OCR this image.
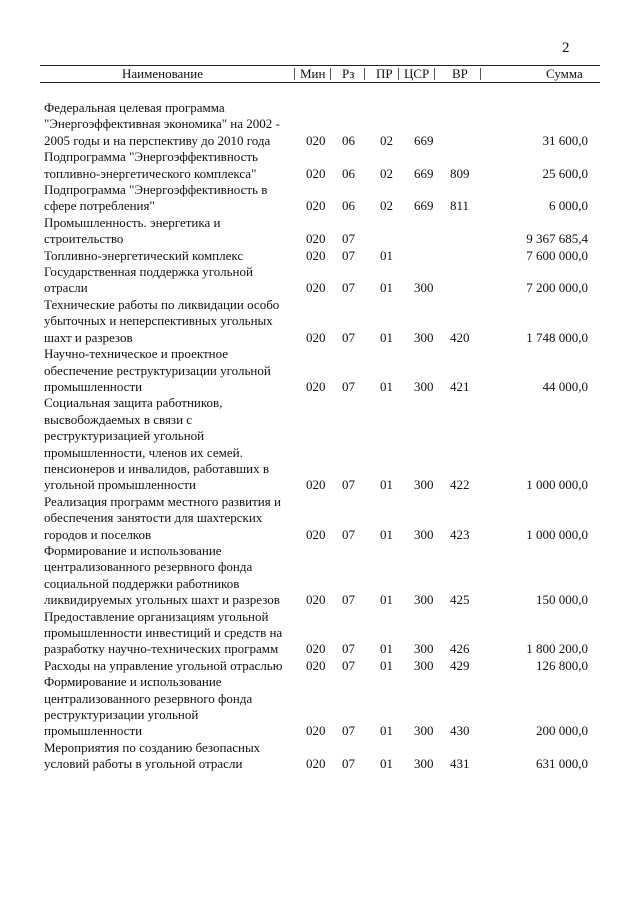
2
Наименование	Мин Рз ПР ЦСР ВР	Сумма
Федеральная целевая программа "Энергоэффективная экономика" на 2002 - 2005 годы и на перспективу до 2010 года	020 06 02 669	31 600,0
Подпрограмма "Энергоэффективность топливно-энергетического комплекса"	020 06 02 669 809	25 600,0
Подпрограмма "Энергоэффективность в сфере потребления"	020 06 02 669 811	6 000,0
Промышленность. энергетика и строительство	020 07	9 367 685,4
Топливно-энергетический комплекс	020 07 01	7 600 000,0
Государственная поддержка угольной отрасли	020 07 01 300	7 200 000,0
Технические работы по ликвидации особо убыточных и неперспективных угольных шахт и разрезов	020 07 01 300 420	1 748 000,0
Научно-техническое и проектное обеспечение реструктуризации угольной промышленности	020 07 01 300 421	44 000,0
Социальная защита работников, высвобождаемых в связи с реструктуризацией угольной промышленности, членов их семей. пенсионеров и инвалидов, работавших в угольной промышленности	020 07 01 300 422	1 000 000,0
Реализация программ местного развития и обеспечения занятости для шахтерских городов и поселков	020 07 01 300 423	1 000 000,0
Формирование и использование централизованного резервного фонда социальной поддержки работников ликвидируемых угольных шахт и разрезов	020 07 01 300 425	150 000,0
Предоставление организациям угольной промышленности инвестиций и средств на разработку научно-технических программ	020 07 01 300 426	1 800 200,0
Расходы на управление угольной отраслью	020 07 01 300 429	126 800,0
Формирование и использование централизованного резервного фонда реструктуризации угольной промышленности	020 07 01 300 430	200 000,0
Мероприятия по созданию безопасных условий работы в угольной отрасли	020 07 01 300 431	631 000,0
